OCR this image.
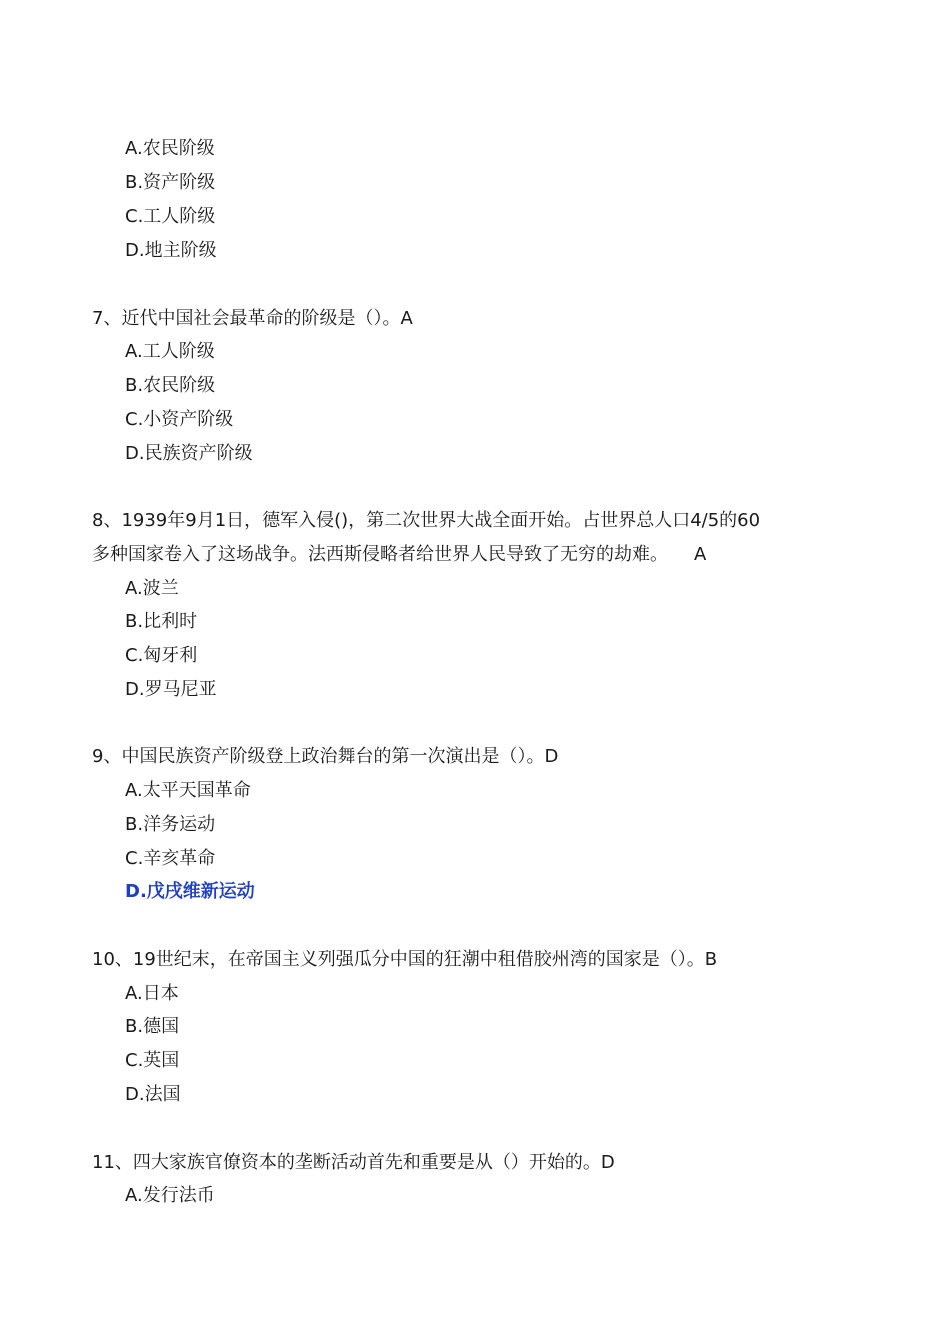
A.农民阶级
B.资产阶级
C.工人阶级
D.地主阶级
7、近代中国社会最革命的阶级是（）。A
A.工人阶级
B.农民阶级
C.小资产阶级
D.民族资产阶级
8、1939年9月1日，德军入侵()，第二次世界大战全面开始。占世界总人口4/5的60
多种国家卷入了这场战争。法西斯侵略者给世界人民导致了无穷的劫难。 A
A.波兰
B.比利时
C.匈牙利
D.罗马尼亚
9、中国民族资产阶级登上政治舞台的第一次演出是（）。D
A.太平天国革命
B.洋务运动
C.辛亥革命
D.戊戌维新运动
10、19世纪末，在帝国主义列强瓜分中国的狂潮中租借胶州湾的国家是（）。B
A.日本
B.德国
C.英国
D.法国
11、四大家族官僚资本的垄断活动首先和重要是从（）开始的。D
A.发行法币
